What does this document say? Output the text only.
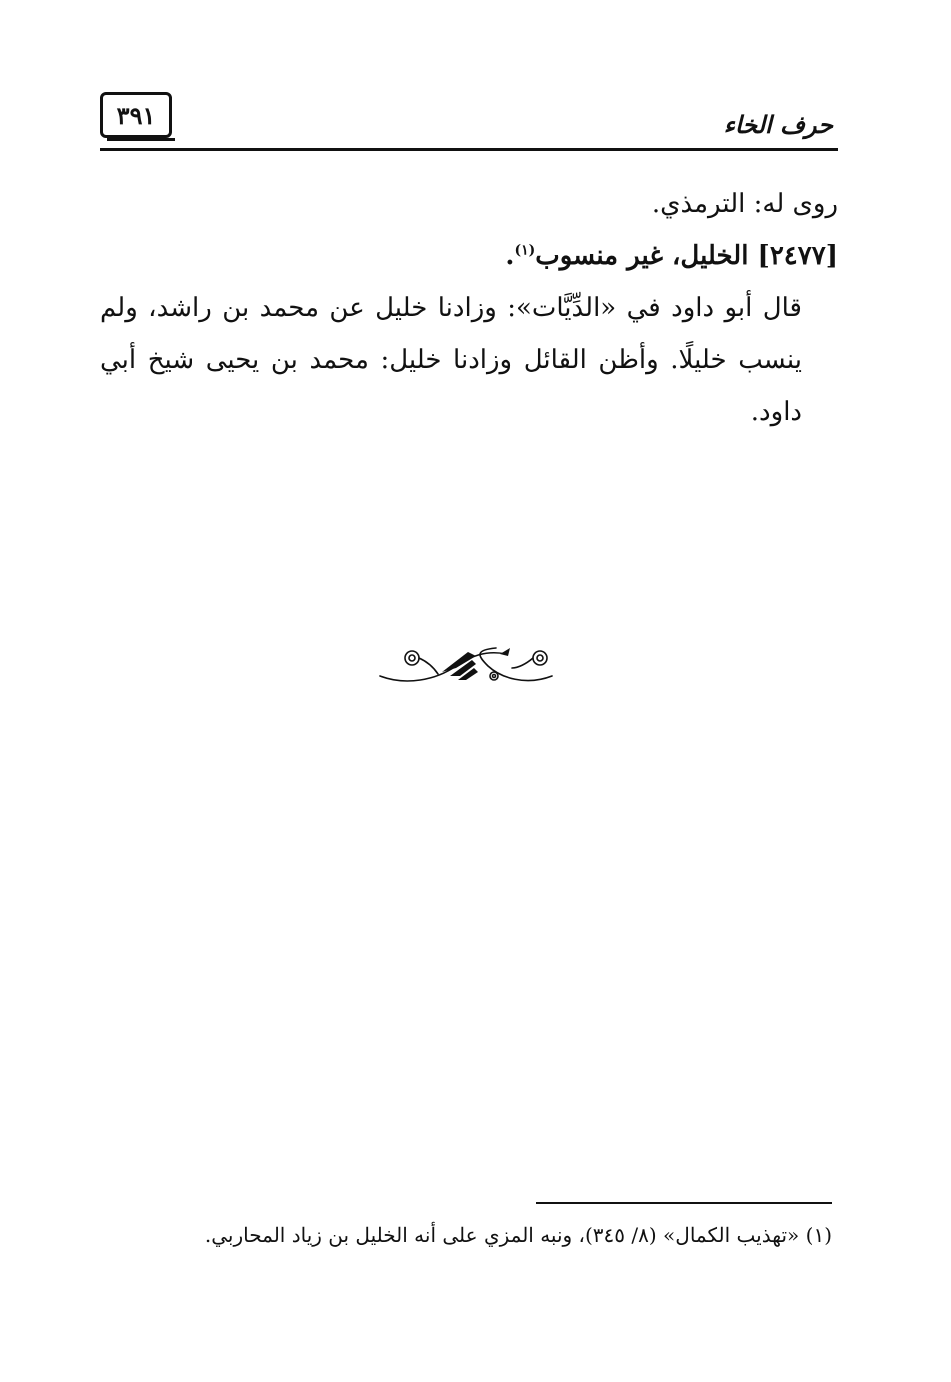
٣٩١	حرف الخاء

روى له: الترمذي.

[٢٤٧٧] الخليل، غير منسوب$^{(١)}$.

قال أبو داود في «الدِّيَّات»: وزادنا خليل عن محمد بن راشد، ولم ينسب خليلًا. وأظن القائل وزادنا خليل: محمد بن يحيى شيخ أبي داود.

(١) «تهذيب الكمال» (٨/ ٣٤٥)، ونبه المزي على أنه الخليل بن زياد المحاربي.
